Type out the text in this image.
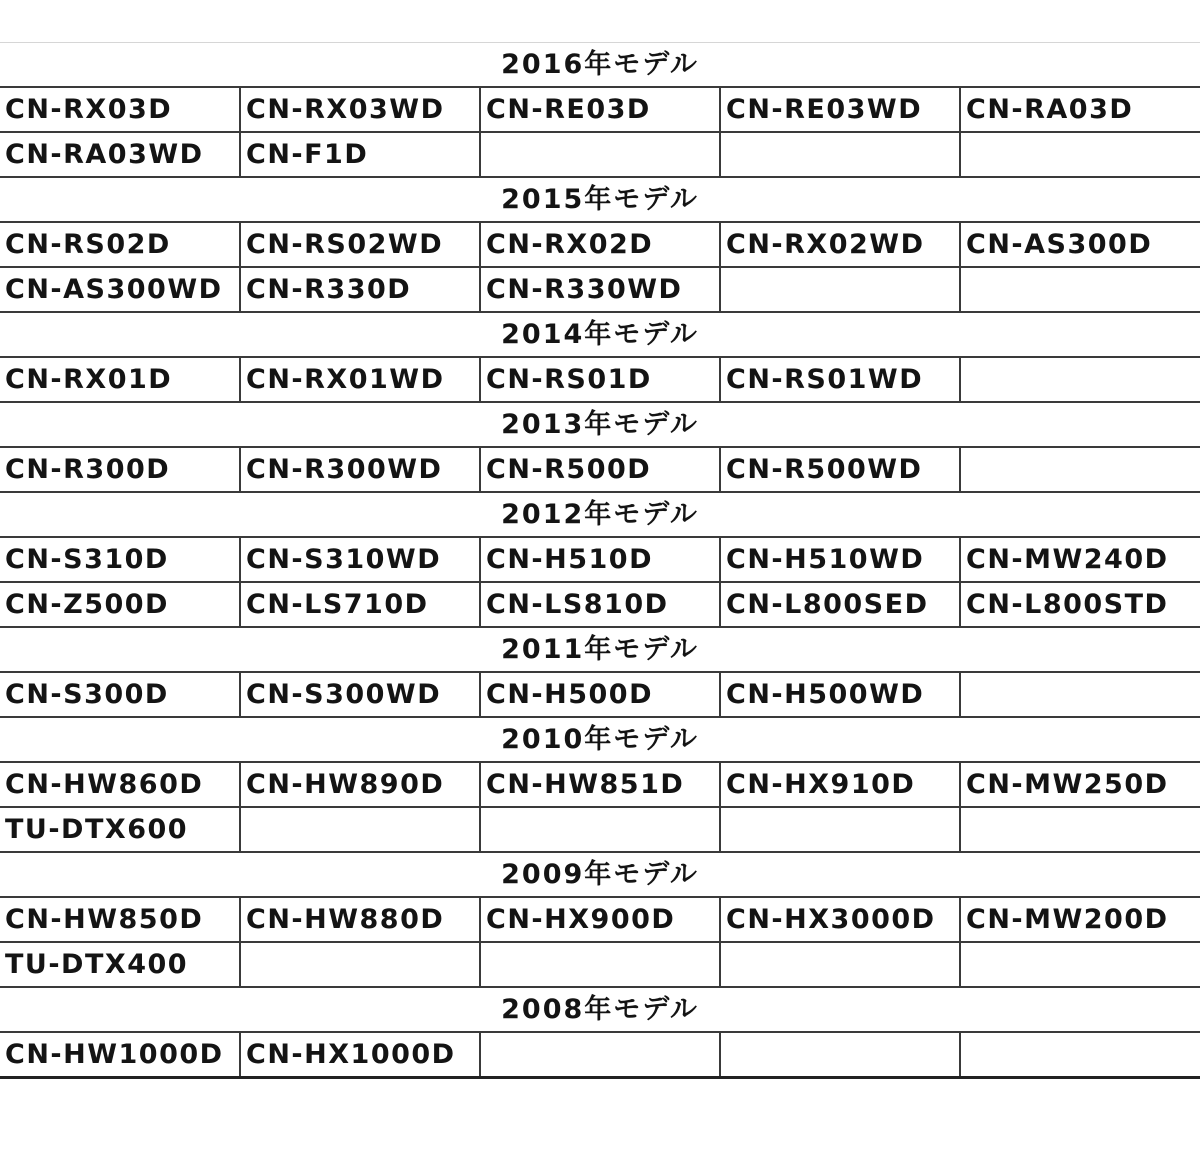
2016年モデル				
CN-RX03D	CN-RX03WD	CN-RE03D	CN-RE03WD	CN-RA03D
CN-RA03WD	CN-F1D			
2015年モデル				
CN-RS02D	CN-RS02WD	CN-RX02D	CN-RX02WD	CN-AS300D
CN-AS300WD	CN-R330D	CN-R330WD		
2014年モデル				
CN-RX01D	CN-RX01WD	CN-RS01D	CN-RS01WD	
2013年モデル				
CN-R300D	CN-R300WD	CN-R500D	CN-R500WD	
2012年モデル				
CN-S310D	CN-S310WD	CN-H510D	CN-H510WD	CN-MW240D
CN-Z500D	CN-LS710D	CN-LS810D	CN-L800SED	CN-L800STD
2011年モデル				
CN-S300D	CN-S300WD	CN-H500D	CN-H500WD	
2010年モデル				
CN-HW860D	CN-HW890D	CN-HW851D	CN-HX910D	CN-MW250D
TU-DTX600				
2009年モデル				
CN-HW850D	CN-HW880D	CN-HX900D	CN-HX3000D	CN-MW200D
TU-DTX400				
2008年モデル				
CN-HW1000D	CN-HX1000D			
